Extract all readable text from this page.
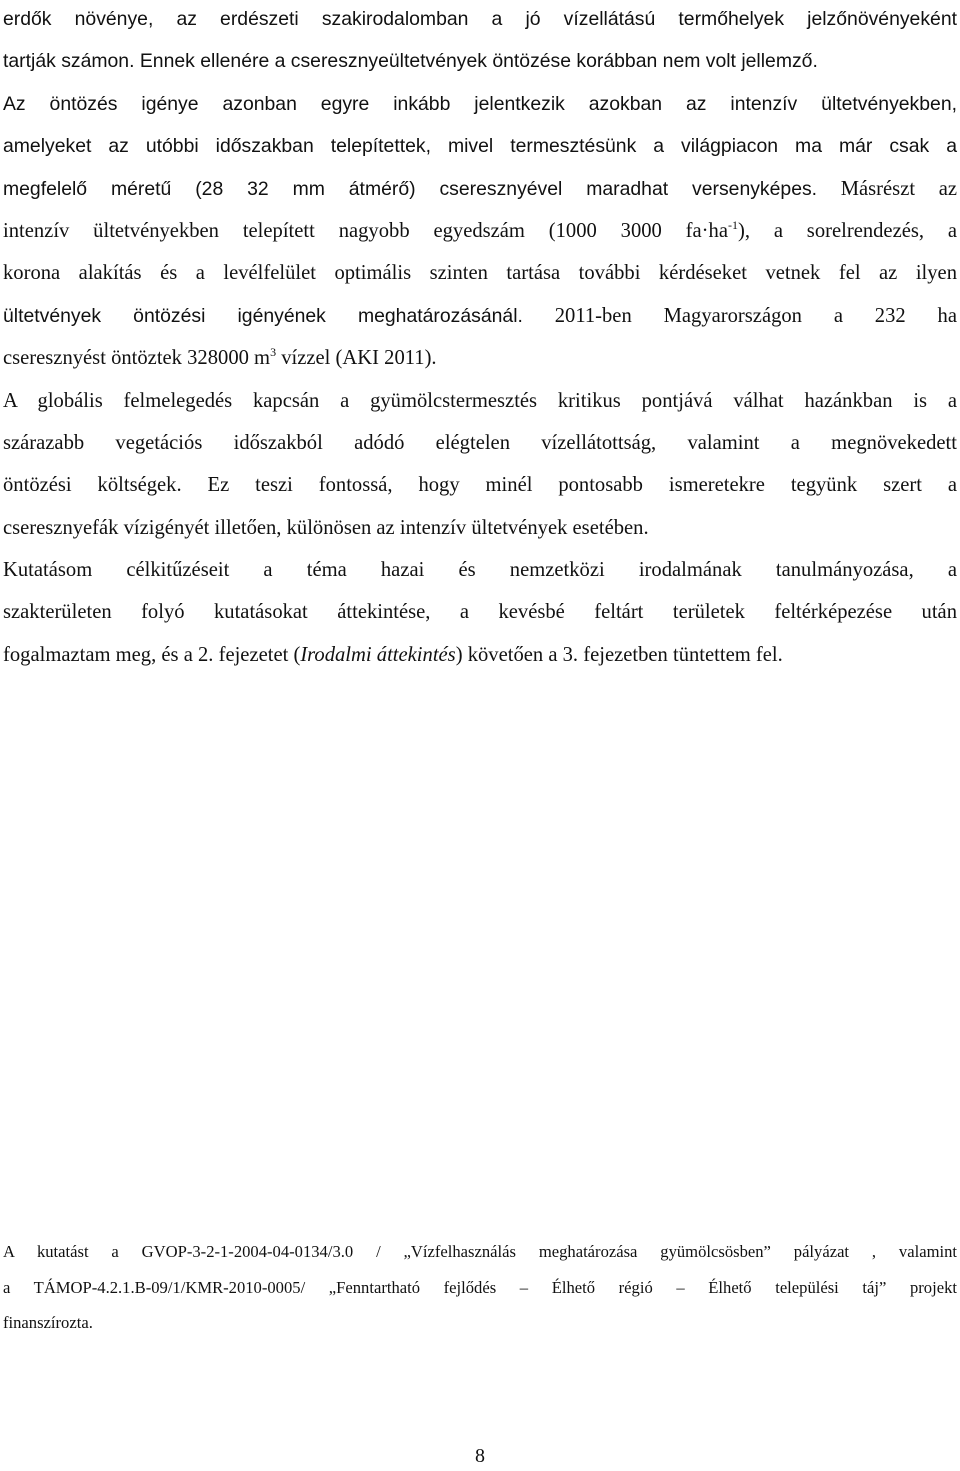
erdők növénye, az erdészeti szakirodalomban a jó vízellátású termőhelyek jelzőnövényeként
tartják számon. Ennek ellenére a cseresznyeültetvények öntözése korábban nem volt jellemző.
Az öntözés igénye azonban egyre inkább jelentkezik azokban az intenzív ültetvényekben,
amelyeket az utóbbi időszakban telepítettek, mivel termesztésünk a világpiacon ma már csak a
megfelelő méretű (28 32 mm átmérő) cseresznyével maradhat versenyképes. Másrészt az
intenzív ültetvényekben telepített nagyobb egyedszám (1000 3000 $fa\cdot ha^{-1}$), a sorelrendezés, a
korona alakítás és a levélfelület optimális szinten tartása további kérdéseket vetnek fel az ilyen
ültetvények öntözési igényének meghatározásánál. 2011-ben Magyarországon a 232 ha
cseresznyést öntöztek 328000 $m^3$ vízzel (AKI 2011).
A globális felmelegedés kapcsán a gyümölcstermesztés kritikus pontjává válhat hazánkban is a
szárazabb vegetációs időszakból adódó elégtelen vízellátottság, valamint a megnövekedett
öntözési költségek. Ez teszi fontossá, hogy minél pontosabb ismeretekre tegyünk szert a
cseresznyefák vízigényét illetően, különösen az intenzív ültetvények esetében.
Kutatásom célkitűzéseit a téma hazai és nemzetközi irodalmának tanulmányozása, a
szakterületen folyó kutatásokat áttekintése, a kevésbé feltárt területek feltérképezése után
fogalmaztam meg, és a 2. fejezetet (Irodalmi áttekintés) követően a 3. fejezetben tüntettem fel.
A kutatást a GVOP-3-2-1-2004-04-0134/3.0 / „Vízfelhasználás meghatározása gyümölcsösben” pályázat , valamint
a TÁMOP-4.2.1.B-09/1/KMR-2010-0005/ „Fenntartható fejlődés – Élhető régió – Élhető települési táj” projekt
finanszírozta.
8
